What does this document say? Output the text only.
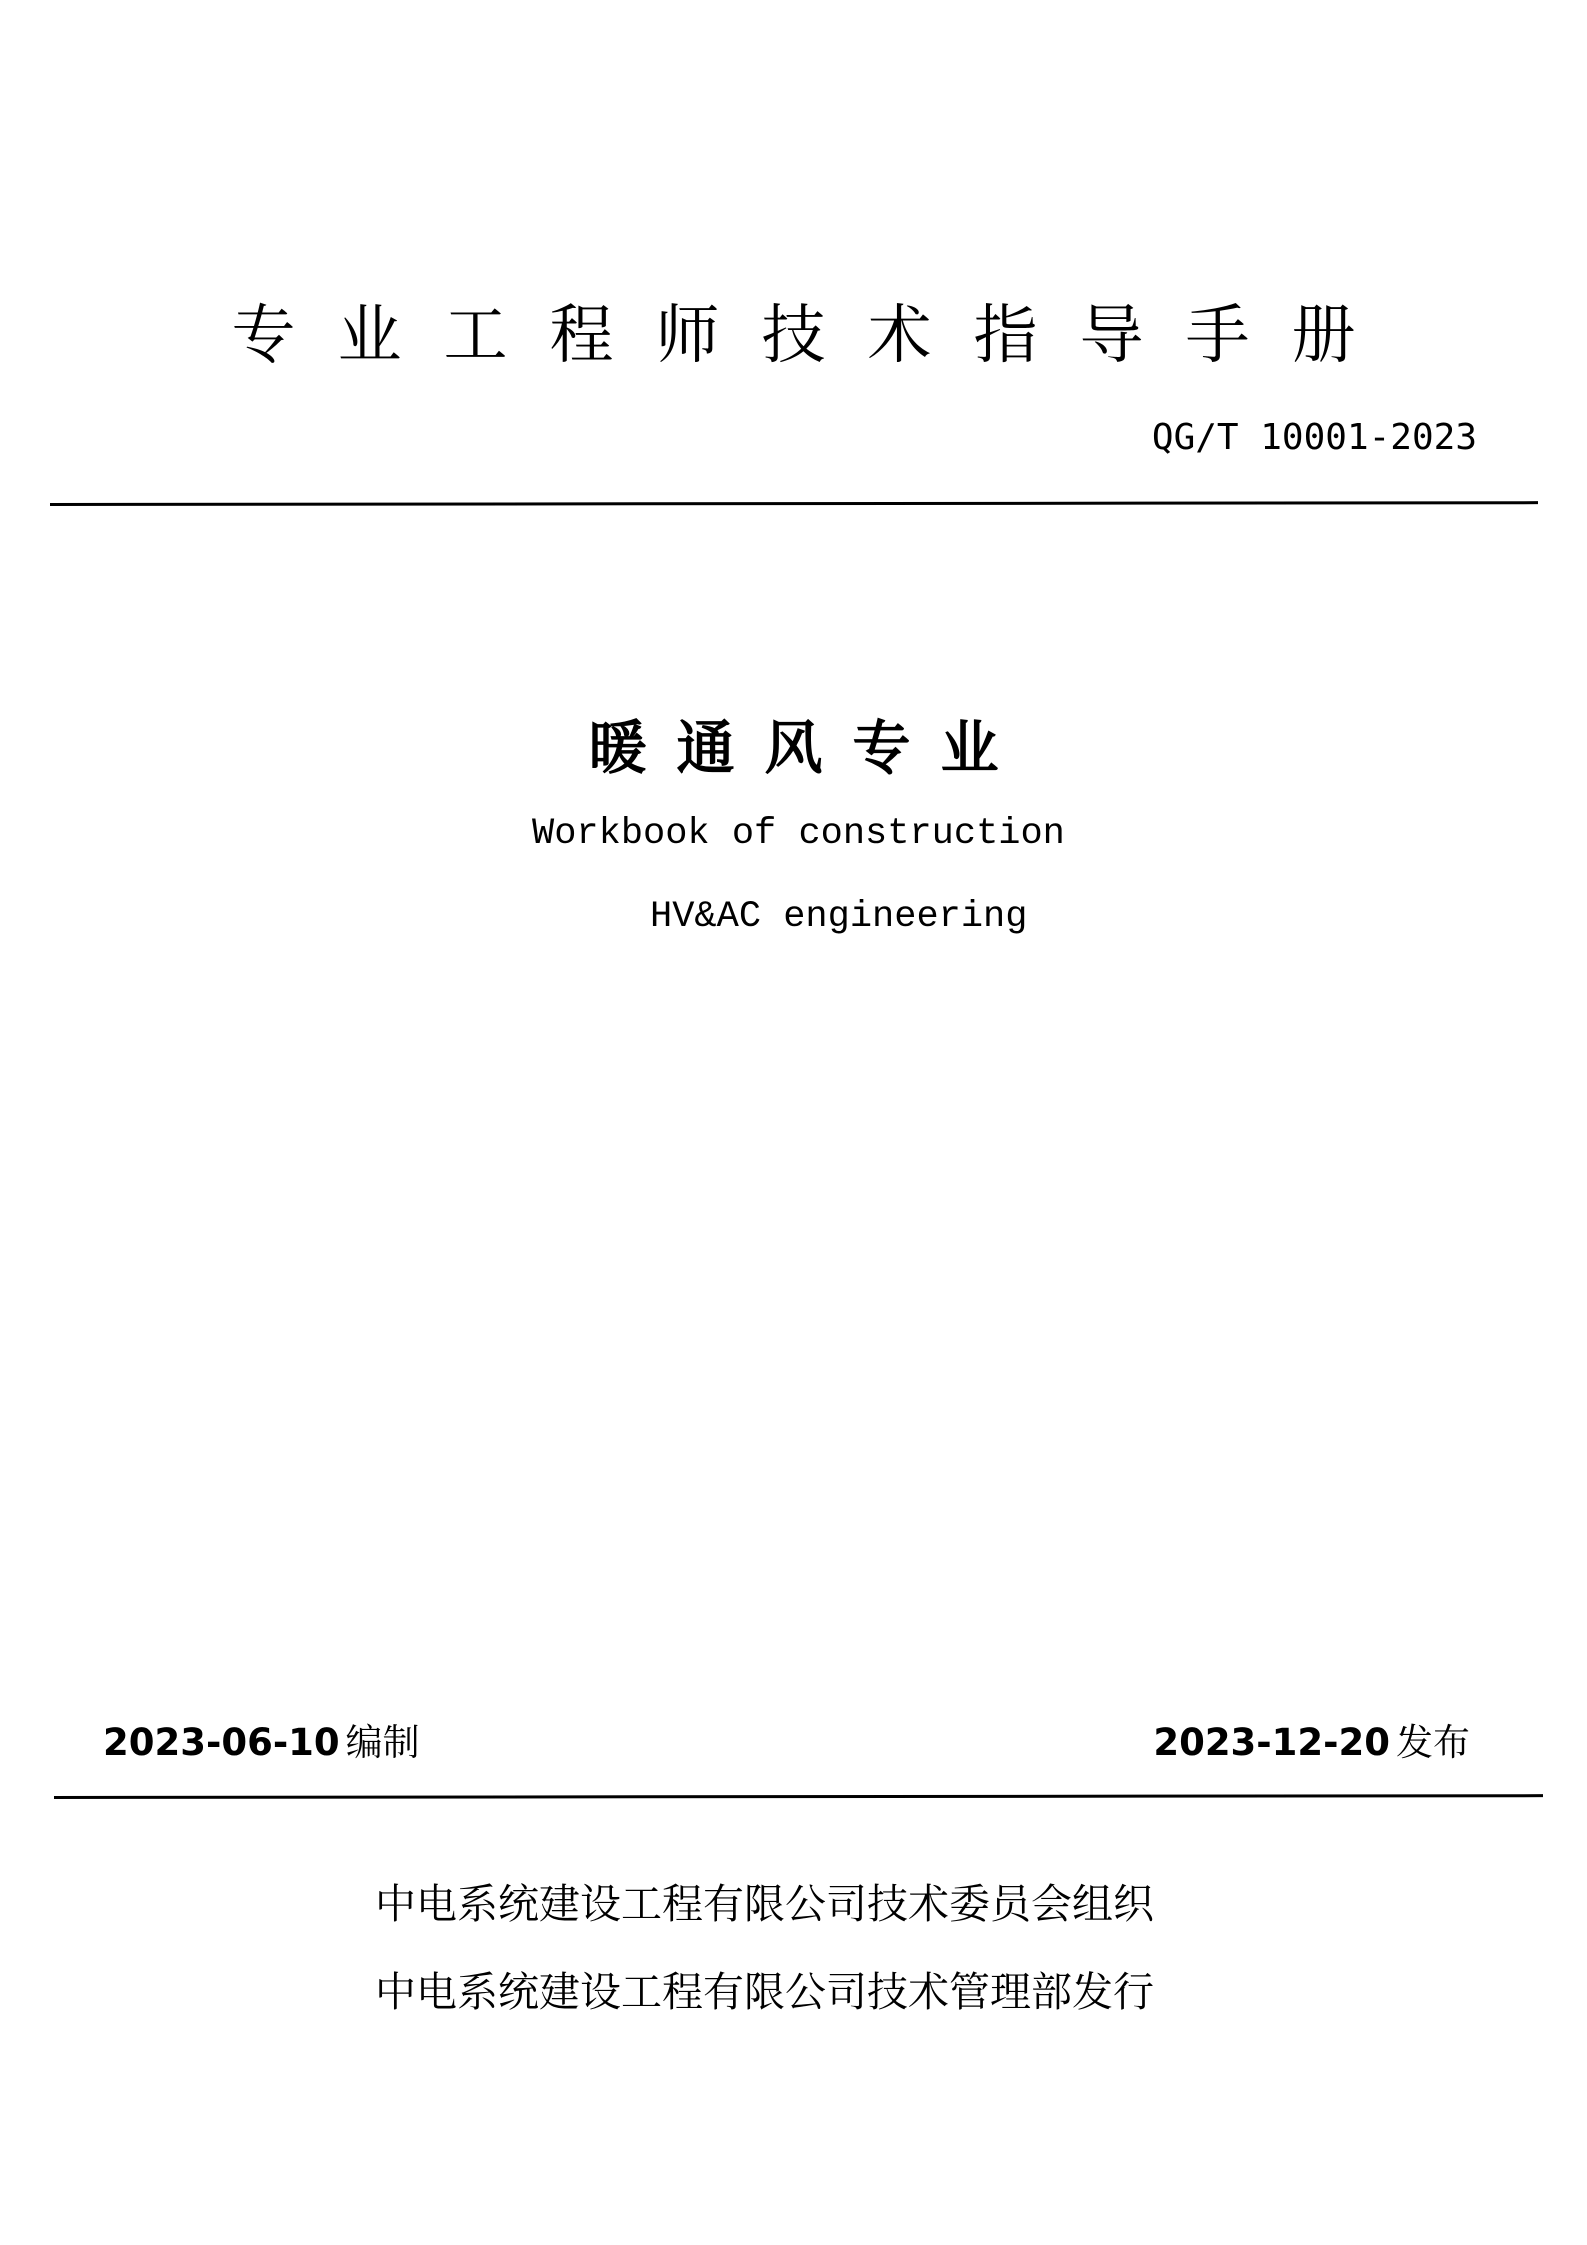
专业工程师技术指导手册
QG/T 10001-2023
暖通风专业
Workbook of construction
HV&AC engineering
2023-06-10 编制	2023-12-20 发布
中电系统建设工程有限公司技术委员会组织
中电系统建设工程有限公司技术管理部发行
